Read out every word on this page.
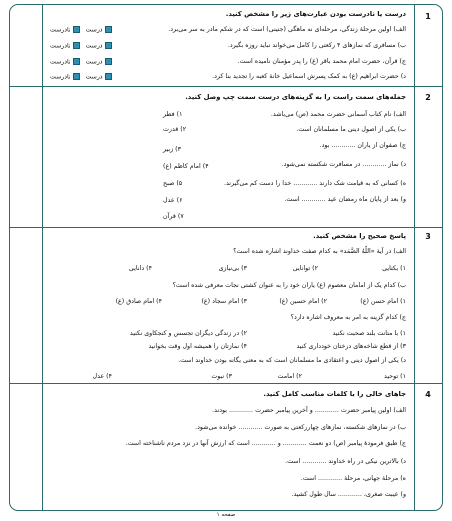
1
درست یا نادرست بودن عبارت‌های زیر را مشخص کنید.
الف) اولین مرحلهٔ زندگی، مرحله‌ای نه ماهگی (جنینی) است که در شکم مادر به سر می‌برد.
ب) مسافری که نمازهای ۴ رکعتی را کامل می‌خواند نباید روزه بگیرد.
ج) قرآن، حضرت امام محمد باقر (ع) را پدر مؤمنان نامیده است.
د) حضرت ابراهیم (ع) به کمک پسرش اسماعیل خانهٔ کعبه را تجدید بنا کرد.
درست  نادرست
درست  نادرست
درست  نادرست
درست  نادرست
2
جمله‌های سمت راست را به گزینه‌های درست سمت چپ وصل کنید.
الف) نام کتاب آسمانی حضرت محمد (ص) می‌باشد.
ب) یکی از اصول دینی ما مسلمانان است.
ج) صفوان از یاران ............ بود.
د) نماز ............ در مسافرت شکسته نمی‌شود.
ه) کسانی که به قیامت شک دارند ............ خدا را دست کم می‌گیرند.
و) بعد از پایان ماه رمضان عید ............ است.
۱) فطر
۲) قدرت
۳) زبیر
۴) امام کاظم (ع)
۵) صبح
۶) عدل
۷) قرآن
3
پاسخ صحیح را مشخص کنید.
الف) در آیهٔ «اللّهُ الصَّمَد» به کدام صفت خداوند اشاره شده است؟
۱) یکتایی
۲) توانایی
۳) بی‌نیازی
۴) دانایی
ب) کدام یک از امامان معصوم (ع) یاران خود را به عنوان کشتی نجات معرفی شده است؟
۱) امام حسن (ع)
۲) امام حسین (ع)
۳) امام سجاد (ع)
۴) امام صادق (ع)
ج) کدام گزینه به امر به معروف اشاره دارد؟
۱) با متانت بلند صحبت نکنید
۲) در زندگی دیگران تجسس و کنجکاوی نکنید
۳) از قطع شاخه‌های درختان خودداری کنید
۴) نمازتان را همیشه اول وقت بخوانید
د) یکی از اصول دینی و اعتقادی ما مسلمانان است که به معنی یگانه بودن خداوند است.
۱) توحید
۲) امامت
۳) نبوت
۴) عدل
4
جاهای خالی را با کلمات مناسب کامل کنید.
الف) اولین پیامبر حضرت ............ و آخرین پیامبر حضرت ............ بودند.
ب) در نمازهای شکسته، نمازهای چهاررکعتی به صورت ............ خوانده می‌شود.
ج) طبق فرمودهٔ پیامبر (ص) دو نعمت ............ و ............ است که ارزش آنها در نزد مردم ناشناخته است.
د) بالاترین نیکی در راه خداوند ............ است.
ه) مرحلهٔ جهانی، مرحلهٔ ............ است.
و) عیبت صغری، ............ سال طول کشید.
صفحه ۱
